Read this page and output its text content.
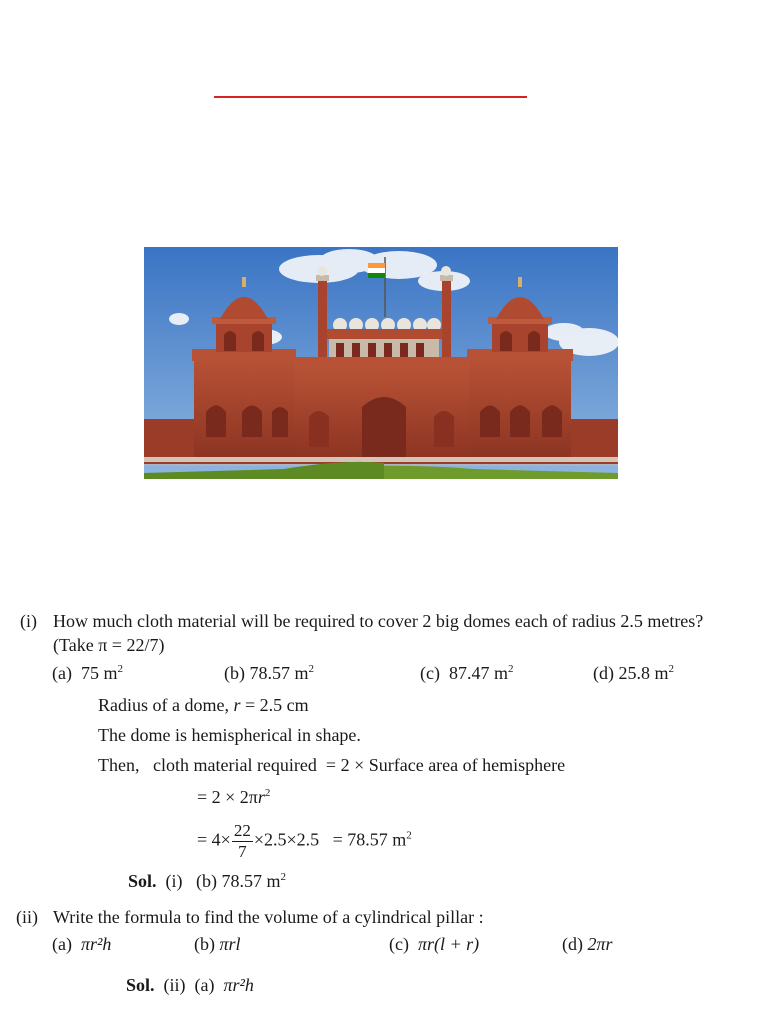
(i) How much cloth material will be required to cover 2 big domes each of radius 2.5 metres?
(Take π = 22/7)
(a) 75 $m^2$	(b) 78.57 $m^2$	(c) 87.47 $m^2$	(d) 25.8 $m^2$
Radius of a dome, r = 2.5 cm
The dome is hemispherical in shape.
Then, cloth material required = 2 × Surface area of hemisphere
= $2 \times 2\pi r^2$
= $4\times \frac{22}{7} \times 2.5\times 2.5 = 78.57$ $m^2$
Sol. (i) (b) 78.57 $m^2$
(ii) Write the formula to find the volume of a cylindrical pillar :
(a) πr²h	(b) πrl	(c) πr(l + r)	(d) 2πr
Sol. (ii) (a) πr²h
